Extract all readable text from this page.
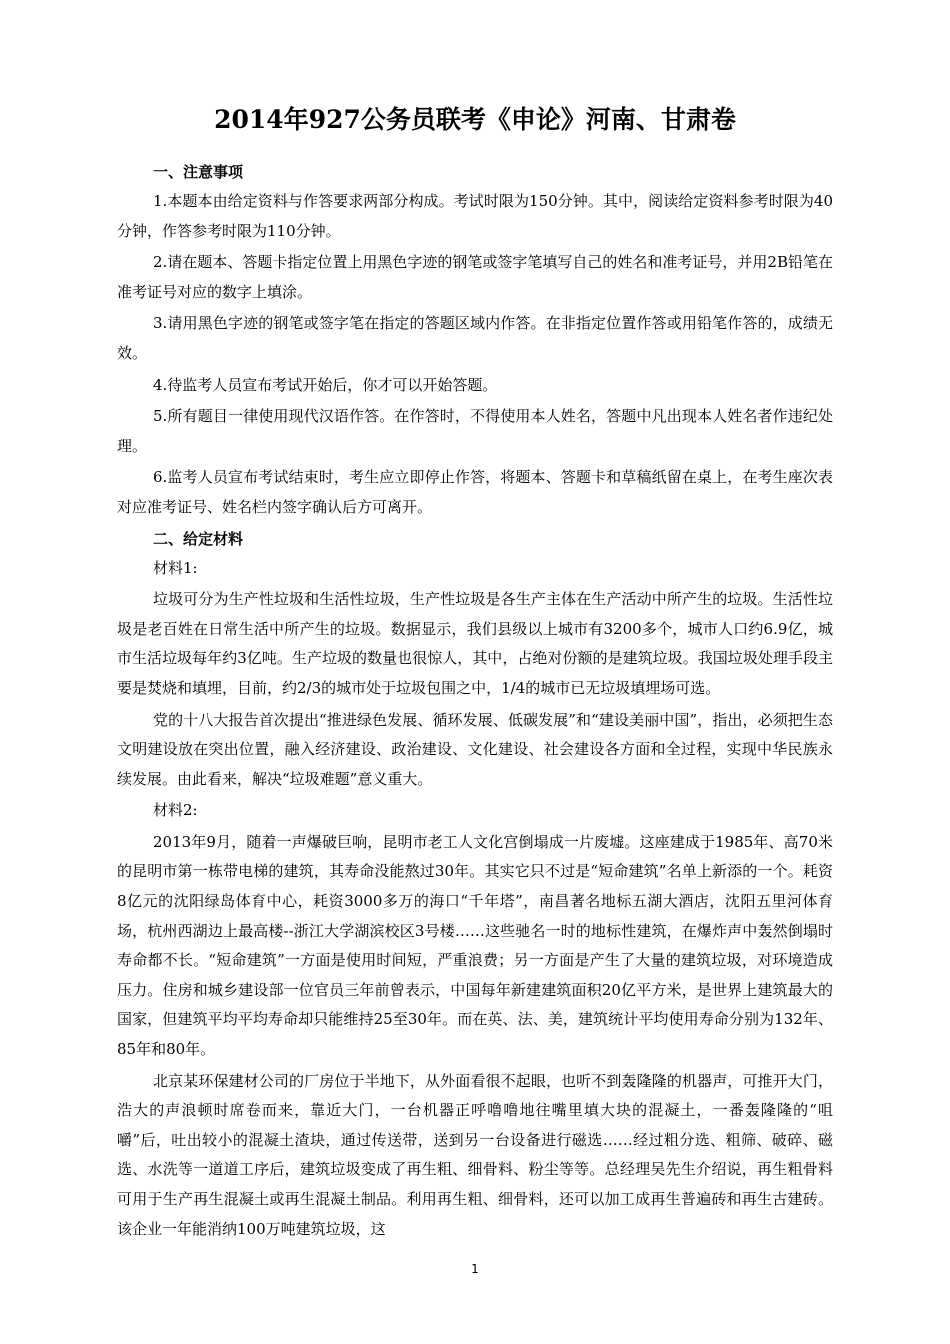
2014年927公务员联考《申论》河南、甘肃卷

一、注意事项

1.本题本由给定资料与作答要求两部分构成。考试时限为150分钟。其中，阅读给定资料参考时限为40分钟，作答参考时限为110分钟。

2.请在题本、答题卡指定位置上用黑色字迹的钢笔或签字笔填写自己的姓名和准考证号，并用2B铅笔在准考证号对应的数字上填涂。

3.请用黑色字迹的钢笔或签字笔在指定的答题区域内作答。在非指定位置作答或用铅笔作答的，成绩无效。

4.待监考人员宣布考试开始后，你才可以开始答题。

5.所有题目一律使用现代汉语作答。在作答时，不得使用本人姓名，答题中凡出现本人姓名者作违纪处理。

6.监考人员宣布考试结束时，考生应立即停止作答，将题本、答题卡和草稿纸留在桌上，在考生座次表对应准考证号、姓名栏内签字确认后方可离开。

二、给定材料

材料1:

垃圾可分为生产性垃圾和生活性垃圾，生产性垃圾是各生产主体在生产活动中所产生的垃圾。生活性垃圾是老百姓在日常生活中所产生的垃圾。数据显示，我们县级以上城市有3200多个，城市人口约6.9亿，城市生活垃圾每年约3亿吨。生产垃圾的数量也很惊人，其中，占绝对份额的是建筑垃圾。我国垃圾处理手段主要是焚烧和填埋，目前，约2/3的城市处于垃圾包围之中，1/4的城市已无垃圾填埋场可选。

党的十八大报告首次提出“推进绿色发展、循环发展、低碳发展”和“建设美丽中国”，指出，必须把生态文明建设放在突出位置，融入经济建设、政治建设、文化建设、社会建设各方面和全过程，实现中华民族永续发展。由此看来，解决“垃圾难题”意义重大。

材料2:

2013年9月，随着一声爆破巨响，昆明市老工人文化宫倒塌成一片废墟。这座建成于1985年、高70米的昆明市第一栋带电梯的建筑，其寿命没能熬过30年。其实它只不过是“短命建筑”名单上新添的一个。耗资8亿元的沈阳绿岛体育中心，耗资3000多万的海口“千年塔”，南昌著名地标五湖大酒店，沈阳五里河体育场，杭州西湖边上最高楼--浙江大学湖滨校区3号楼……这些驰名一时的地标性建筑，在爆炸声中轰然倒塌时寿命都不长。“短命建筑”一方面是使用时间短，严重浪费；另一方面是产生了大量的建筑垃圾，对环境造成压力。住房和城乡建设部一位官员三年前曾表示，中国每年新建建筑面积20亿平方米，是世界上建筑最大的国家，但建筑平均平均寿命却只能维持25至30年。而在英、法、美，建筑统计平均使用寿命分别为132年、85年和80年。

北京某环保建材公司的厂房位于半地下，从外面看很不起眼，也听不到轰隆隆的机器声，可推开大门，浩大的声浪顿时席卷而来，靠近大门，一台机器正呼噜噜地往嘴里填大块的混凝土，一番轰隆隆的“咀嚼”后，吐出较小的混凝土渣块，通过传送带，送到另一台设备进行磁选……经过粗分选、粗筛、破碎、磁选、水洗等一道道工序后，建筑垃圾变成了再生粗、细骨料、粉尘等等。总经理吴先生介绍说，再生粗骨料可用于生产再生混凝土或再生混凝土制品。利用再生粗、细骨料，还可以加工成再生普遍砖和再生古建砖。该企业一年能消纳100万吨建筑垃圾，这

1
